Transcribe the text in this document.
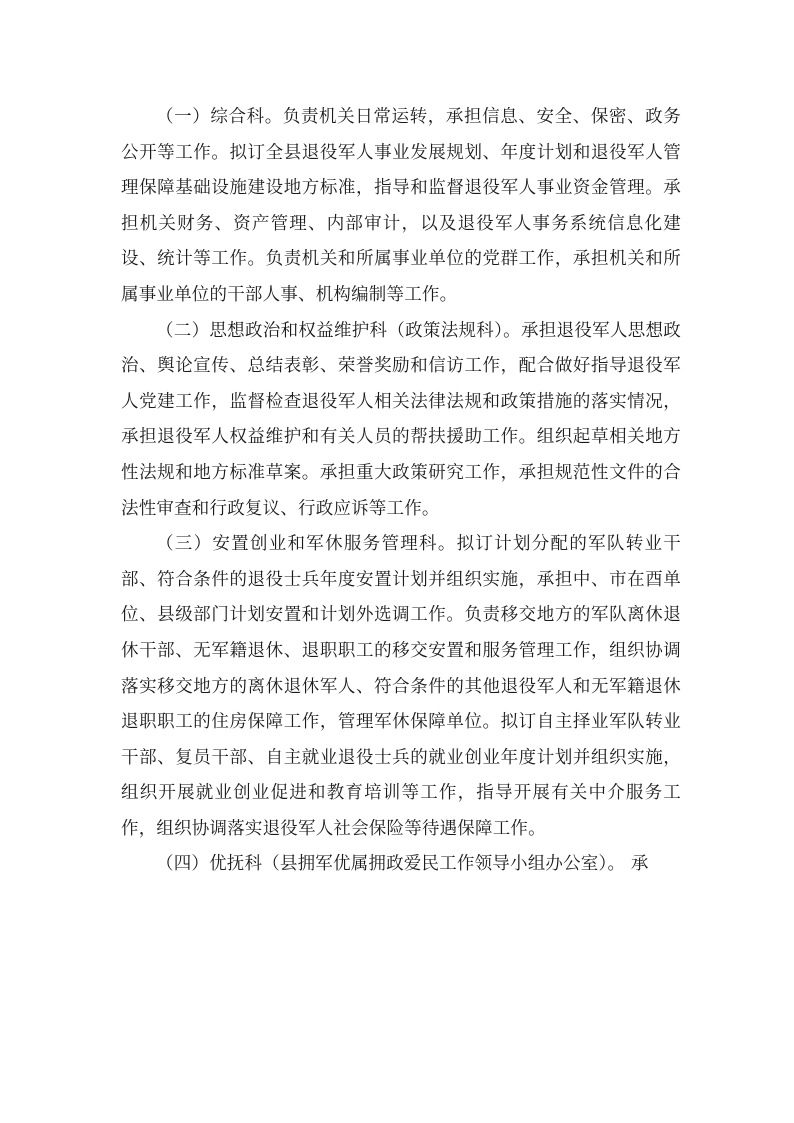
（一）综合科。负责机关日常运转，承担信息、安全、保密、政务公开等工作。拟订全县退役军人事业发展规划、年度计划和退役军人管理保障基础设施建设地方标准，指导和监督退役军人事业资金管理。承担机关财务、资产管理、内部审计，以及退役军人事务系统信息化建设、统计等工作。负责机关和所属事业单位的党群工作，承担机关和所属事业单位的干部人事、机构编制等工作。

（二）思想政治和权益维护科（政策法规科）。承担退役军人思想政治、舆论宣传、总结表彰、荣誉奖励和信访工作，配合做好指导退役军人党建工作，监督检查退役军人相关法律法规和政策措施的落实情况，承担退役军人权益维护和有关人员的帮扶援助工作。组织起草相关地方性法规和地方标准草案。承担重大政策研究工作，承担规范性文件的合法性审查和行政复议、行政应诉等工作。

（三）安置创业和军休服务管理科。拟订计划分配的军队转业干部、符合条件的退役士兵年度安置计划并组织实施，承担中、市在酉单位、县级部门计划安置和计划外选调工作。负责移交地方的军队离休退休干部、无军籍退休、退职职工的移交安置和服务管理工作，组织协调落实移交地方的离休退休军人、符合条件的其他退役军人和无军籍退休退职职工的住房保障工作，管理军休保障单位。拟订自主择业军队转业干部、复员干部、自主就业退役士兵的就业创业年度计划并组织实施，组织开展就业创业促进和教育培训等工作，指导开展有关中介服务工作，组织协调落实退役军人社会保险等待遇保障工作。

（四）优抚科（县拥军优属拥政爱民工作领导小组办公室）。 承
